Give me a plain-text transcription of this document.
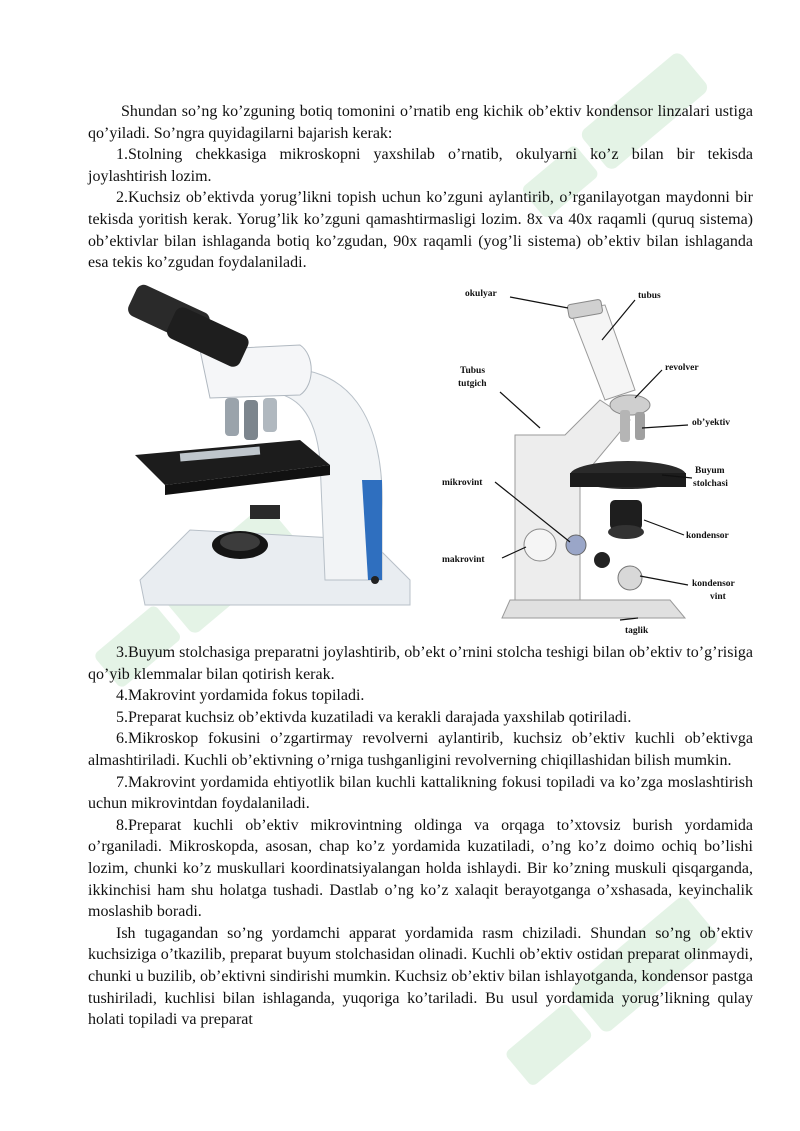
Shundan so’ng ko’zguning botiq tomonini o’rnatib eng kichik ob’ektiv kondensor linzalari ustiga qo’yiladi. So’ngra quyidagilarni bajarish kerak:

1.Stolning chekkasiga mikroskopni yaxshilab o’rnatib, okulyarni ko’z bilan bir tekisda joylashtirish lozim.

2.Kuchsiz ob’ektivda yorug’likni topish uchun ko’zguni aylantirib, o’rganilayotgan maydonni bir tekisda yoritish kerak. Yorug’lik ko’zguni qamashtirmasligi lozim. 8x va 40x raqamli (quruq sistema) ob’ektivlar bilan ishlaganda botiq ko’zgudan, 90x raqamli (yog’li sistema) ob’ektiv bilan ishlaganda esa tekis ko’zgudan foydalaniladi.

okulyar	tubus
Tubus
tutgich
revolver
ob’yektiv
mikrovint
Buyum
stolchasi
kondensor
makrovint
kondensor
vint
taglik

3.Buyum stolchasiga preparatni joylashtirib, ob’ekt o’rnini stolcha teshigi bilan ob’ektiv to’g’risiga qo’yib klemmalar bilan qotirish kerak.

4.Makrovint yordamida fokus topiladi.

5.Preparat kuchsiz ob’ektivda kuzatiladi va kerakli darajada yaxshilab qotiriladi.

6.Mikroskop fokusini o’zgartirmay revolverni aylantirib, kuchsiz ob’ektiv kuchli ob’ektivga almashtiriladi. Kuchli ob’ektivning o’rniga tushganligini revolverning chiqillashidan bilish mumkin.

7.Makrovint yordamida ehtiyotlik bilan kuchli kattalikning fokusi topiladi va ko’zga moslashtirish uchun mikrovintdan foydalaniladi.

8.Preparat kuchli ob’ektiv mikrovintning oldinga va orqaga to’xtovsiz burish yordamida o’rganiladi. Mikroskopda, asosan, chap ko’z yordamida kuzatiladi, o’ng ko’z doimo ochiq bo’lishi lozim, chunki ko’z muskullari koordinatsiyalangan holda ishlaydi. Bir ko’zning muskuli qisqarganda, ikkinchisi ham shu holatga tushadi. Dastlab o’ng ko’z xalaqit berayotganga o’xshasada, keyinchalik moslashib boradi.

Ish tugagandan so’ng yordamchi apparat yordamida rasm chiziladi. Shundan so’ng ob’ektiv kuchsiziga o’tkazilib, preparat buyum stolchasidan olinadi. Kuchli ob’ektiv ostidan preparat olinmaydi, chunki u buzilib, ob’ektivni sindirishi mumkin. Kuchsiz ob’ektiv bilan ishlayotganda, kondensor pastga tushiriladi, kuchlisi bilan ishlaganda, yuqoriga ko’tariladi. Bu usul yordamida yorug’likning qulay holati topiladi va preparat
